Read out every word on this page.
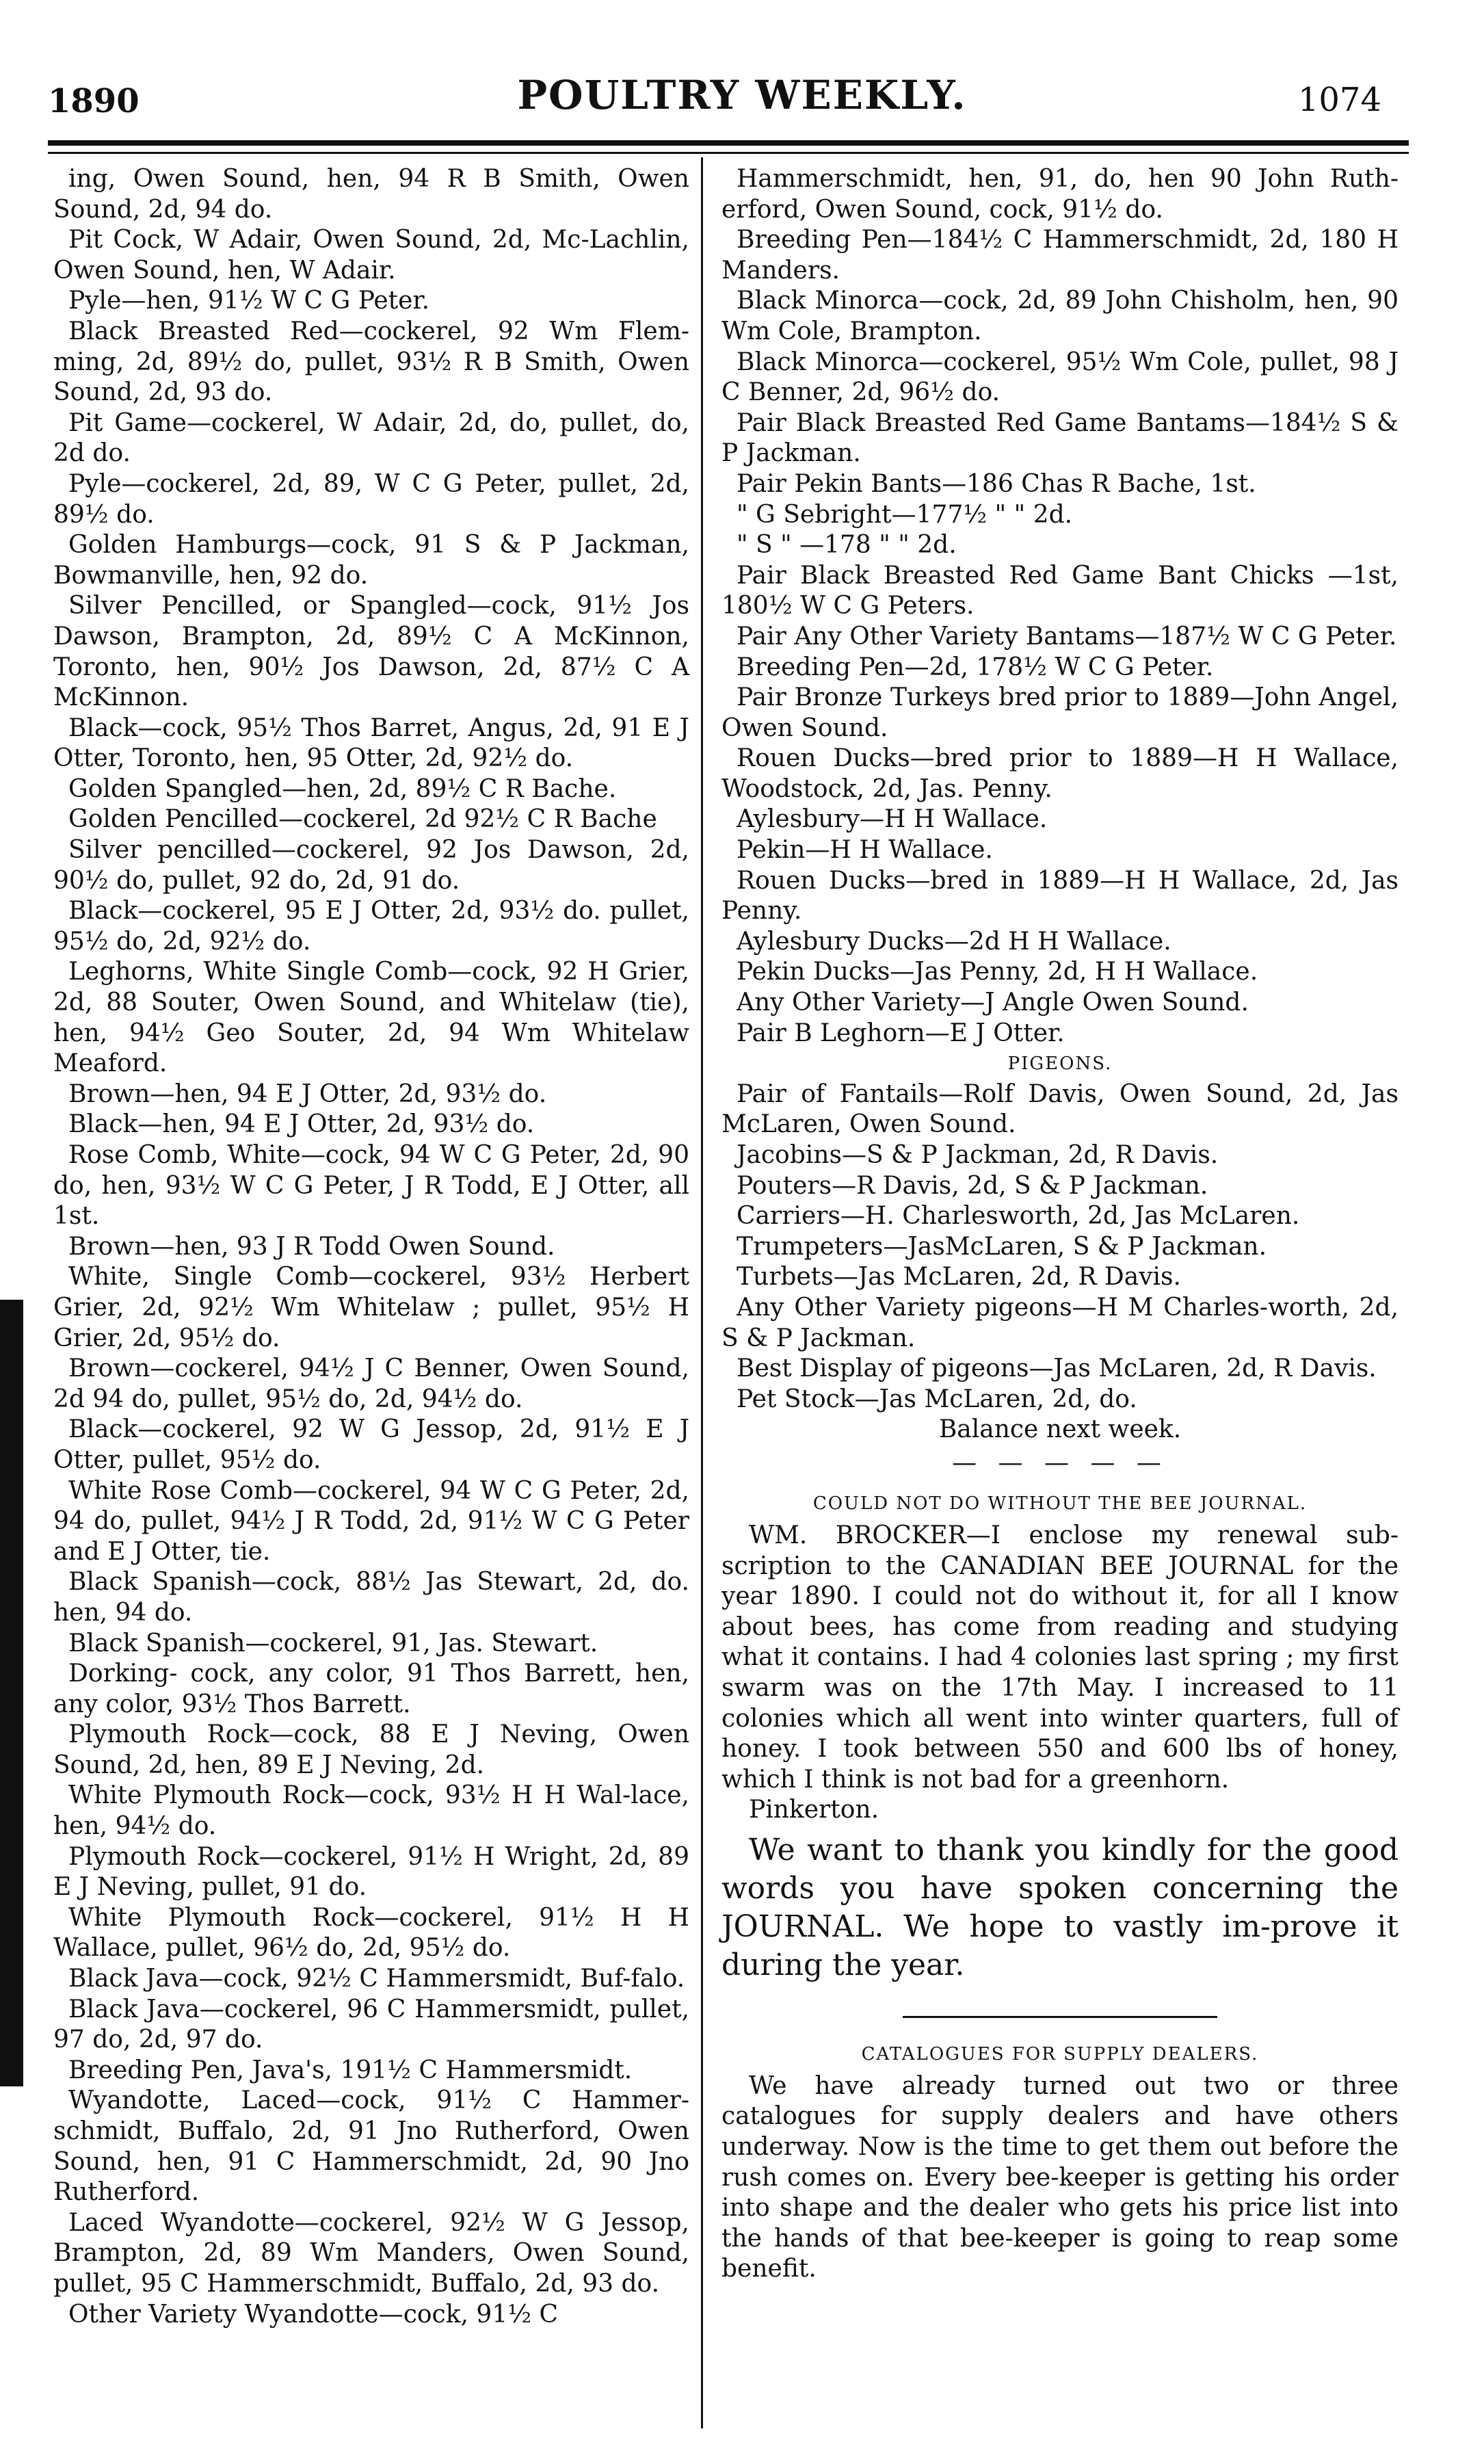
1890	POULTRY WEEKLY.	1074

ing, Owen Sound, hen, 94 R B Smith, Owen Sound, 2d, 94 do.

Pit Cock, W Adair, Owen Sound, 2d, Mc-Lachlin, Owen Sound, hen, W Adair.

Pyle—hen, 91½ W C G Peter.

Black Breasted Red—cockerel, 92 Wm Flem-ming, 2d, 89½ do, pullet, 93½ R B Smith, Owen Sound, 2d, 93 do.

Pit Game—cockerel, W Adair, 2d, do, pullet, do, 2d do.

Pyle—cockerel, 2d, 89, W C G Peter, pullet, 2d, 89½ do.

Golden Hamburgs—cock, 91 S & P Jackman, Bowmanville, hen, 92 do.

Silver Pencilled, or Spangled—cock, 91½ Jos Dawson, Brampton, 2d, 89½ C A McKinnon, Toronto, hen, 90½ Jos Dawson, 2d, 87½ C A McKinnon.

Black—cock, 95½ Thos Barret, Angus, 2d, 91 E J Otter, Toronto, hen, 95 Otter, 2d, 92½ do.

Golden Spangled—hen, 2d, 89½ C R Bache.

Golden Pencilled—cockerel, 2d 92½ C R Bache

Silver pencilled—cockerel, 92 Jos Dawson, 2d, 90½ do, pullet, 92 do, 2d, 91 do.

Black—cockerel, 95 E J Otter, 2d, 93½ do. pullet, 95½ do, 2d, 92½ do.

Leghorns, White Single Comb—cock, 92 H Grier, 2d, 88 Souter, Owen Sound, and Whitelaw (tie), hen, 94½ Geo Souter, 2d, 94 Wm Whitelaw Meaford.

Brown—hen, 94 E J Otter, 2d, 93½ do.

Black—hen, 94 E J Otter, 2d, 93½ do.

Rose Comb, White—cock, 94 W C G Peter, 2d, 90 do, hen, 93½ W C G Peter, J R Todd, E J Otter, all 1st.

Brown—hen, 93 J R Todd Owen Sound.

White, Single Comb—cockerel, 93½ Herbert Grier, 2d, 92½ Wm Whitelaw ; pullet, 95½ H Grier, 2d, 95½ do.

Brown—cockerel, 94½ J C Benner, Owen Sound, 2d 94 do, pullet, 95½ do, 2d, 94½ do.

Black—cockerel, 92 W G Jessop, 2d, 91½ E J Otter, pullet, 95½ do.

White Rose Comb—cockerel, 94 W C G Peter, 2d, 94 do, pullet, 94½ J R Todd, 2d, 91½ W C G Peter and E J Otter, tie.

Black Spanish—cock, 88½ Jas Stewart, 2d, do. hen, 94 do.

Black Spanish—cockerel, 91, Jas. Stewart.

Dorking- cock, any color, 91 Thos Barrett, hen, any color, 93½ Thos Barrett.

Plymouth Rock—cock, 88 E J Neving, Owen Sound, 2d, hen, 89 E J Neving, 2d.

White Plymouth Rock—cock, 93½ H H Wal-lace, hen, 94½ do.

Plymouth Rock—cockerel, 91½ H Wright, 2d, 89 E J Neving, pullet, 91 do.

White Plymouth Rock—cockerel, 91½ H H Wallace, pullet, 96½ do, 2d, 95½ do.

Black Java—cock, 92½ C Hammersmidt, Buf-falo.

Black Java—cockerel, 96 C Hammersmidt, pullet, 97 do, 2d, 97 do.

Breeding Pen, Java's, 191½ C Hammersmidt.

Wyandotte, Laced—cock, 91½ C Hammer-schmidt, Buffalo, 2d, 91 Jno Rutherford, Owen Sound, hen, 91 C Hammerschmidt, 2d, 90 Jno Rutherford.

Laced Wyandotte—cockerel, 92½ W G Jessop, Brampton, 2d, 89 Wm Manders, Owen Sound, pullet, 95 C Hammerschmidt, Buffalo, 2d, 93 do.

Other Variety Wyandotte—cock, 91½ C

Hammerschmidt, hen, 91, do, hen 90 John Ruth-erford, Owen Sound, cock, 91½ do.

Breeding Pen—184½ C Hammerschmidt, 2d, 180 H Manders.

Black Minorca—cock, 2d, 89 John Chisholm, hen, 90 Wm Cole, Brampton.

Black Minorca—cockerel, 95½ Wm Cole, pullet, 98 J C Benner, 2d, 96½ do.

Pair Black Breasted Red Game Bantams—184½ S & P Jackman.

Pair Pekin Bants—186 Chas R Bache, 1st.

" G Sebright—177½ " " 2d.

" S " —178 " " 2d.

Pair Black Breasted Red Game Bant Chicks —1st, 180½ W C G Peters.

Pair Any Other Variety Bantams—187½ W C G Peter.

Breeding Pen—2d, 178½ W C G Peter.

Pair Bronze Turkeys bred prior to 1889—John Angel, Owen Sound.

Rouen Ducks—bred prior to 1889—H H Wallace, Woodstock, 2d, Jas. Penny.

Aylesbury—H H Wallace.

Pekin—H H Wallace.

Rouen Ducks—bred in 1889—H H Wallace, 2d, Jas Penny.

Aylesbury Ducks—2d H H Wallace.

Pekin Ducks—Jas Penny, 2d, H H Wallace.

Any Other Variety—J Angle Owen Sound.

Pair B Leghorn—E J Otter.

PIGEONS.

Pair of Fantails—Rolf Davis, Owen Sound, 2d, Jas McLaren, Owen Sound.

Jacobins—S & P Jackman, 2d, R Davis.

Pouters—R Davis, 2d, S & P Jackman.

Carriers—H. Charlesworth, 2d, Jas McLaren.

Trumpeters—JasMcLaren, S & P Jackman.

Turbets—Jas McLaren, 2d, R Davis.

Any Other Variety pigeons—H M Charles-worth, 2d, S & P Jackman.

Best Display of pigeons—Jas McLaren, 2d, R Davis.

Pet Stock—Jas McLaren, 2d, do.

Balance next week.
— — — — —
COULD NOT DO WITHOUT THE BEE JOURNAL.

WM. BROCKER—I enclose my renewal sub-scription to the CANADIAN BEE JOURNAL for the year 1890. I could not do without it, for all I know about bees, has come from reading and studying what it contains. I had 4 colonies last spring ; my first swarm was on the 17th May. I increased to 11 colonies which all went into winter quarters, full of honey. I took between 550 and 600 lbs of honey, which I think is not bad for a greenhorn.

Pinkerton.

We want to thank you kindly for the good words you have spoken concerning the JOURNAL. We hope to vastly im-prove it during the year.

CATALOGUES FOR SUPPLY DEALERS.

We have already turned out two or three catalogues for supply dealers and have others underway. Now is the time to get them out before the rush comes on. Every bee-keeper is getting his order into shape and the dealer who gets his price list into the hands of that bee-keeper is going to reap some benefit.
